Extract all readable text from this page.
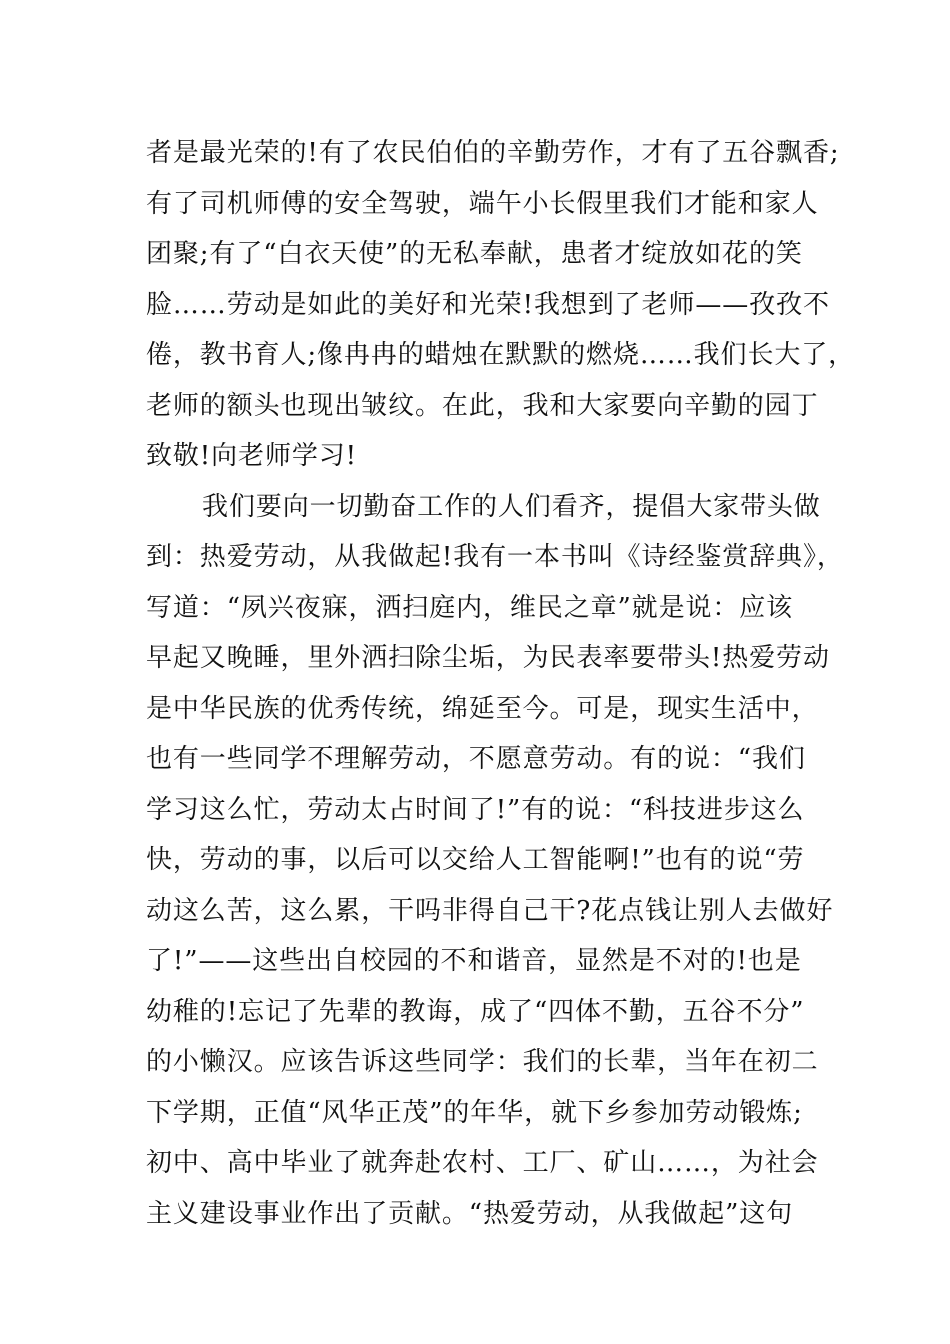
者是最光荣的!有了农民伯伯的辛勤劳作，才有了五谷飘香;
有了司机师傅的安全驾驶，端午小长假里我们才能和家人
团聚;有了“白衣天使”的无私奉献，患者才绽放如花的笑
脸……劳动是如此的美好和光荣!我想到了老师——孜孜不
倦，教书育人;像冉冉的蜡烛在默默的燃烧……我们长大了，
老师的额头也现出皱纹。在此，我和大家要向辛勤的园丁
致敬!向老师学习!
我们要向一切勤奋工作的人们看齐，提倡大家带头做
到：热爱劳动，从我做起!我有一本书叫《诗经鉴赏辞典》，
写道：“夙兴夜寐，洒扫庭内，维民之章”就是说：应该
早起又晚睡，里外洒扫除尘垢，为民表率要带头!热爱劳动
是中华民族的优秀传统，绵延至今。可是，现实生活中，
也有一些同学不理解劳动，不愿意劳动。有的说：“我们
学习这么忙，劳动太占时间了!”有的说：“科技进步这么
快，劳动的事，以后可以交给人工智能啊!”也有的说“劳
动这么苦，这么累，干吗非得自己干?花点钱让别人去做好
了!”——这些出自校园的不和谐音，显然是不对的!也是
幼稚的!忘记了先辈的教诲，成了“四体不勤，五谷不分”
的小懒汉。应该告诉这些同学：我们的长辈，当年在初二
下学期，正值“风华正茂”的年华，就下乡参加劳动锻炼;
初中、高中毕业了就奔赴农村、工厂、矿山……，为社会
主义建设事业作出了贡献。“热爱劳动，从我做起”这句
